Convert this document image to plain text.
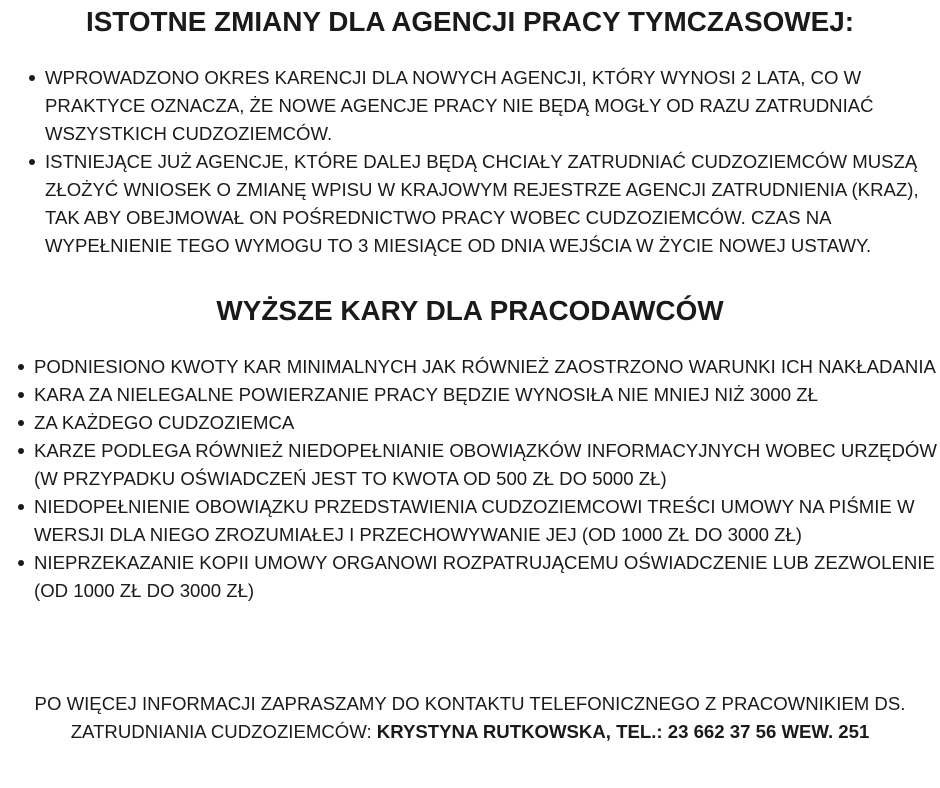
ISTOTNE ZMIANY DLA AGENCJI PRACY TYMCZASOWEJ:
WPROWADZONO OKRES KARENCJI DLA NOWYCH AGENCJI, KTÓRY WYNOSI 2 LATA, CO W PRAKTYCE OZNACZA, ŻE NOWE AGENCJE PRACY NIE BĘDĄ MOGŁY OD RAZU ZATRUDNIAĆ WSZYSTKICH CUDZOZIEMCÓW.
ISTNIEJĄCE JUŻ AGENCJE, KTÓRE DALEJ BĘDĄ CHCIAŁY ZATRUDNIAĆ CUDZOZIEMCÓW MUSZĄ ZŁOŻYĆ WNIOSEK O ZMIANĘ WPISU W KRAJOWYM REJESTRZE AGENCJI ZATRUDNIENIA (KRAZ), TAK ABY OBEJMOWAŁ ON POŚREDNICTWO PRACY WOBEC CUDZOZIEMCÓW. CZAS NA WYPEŁNIENIE TEGO WYMOGU TO 3 MIESIĄCE OD DNIA WEJŚCIA W ŻYCIE NOWEJ USTAWY.
WYŻSZE KARY DLA PRACODAWCÓW
PODNIESIONO KWOTY KAR MINIMALNYCH JAK RÓWNIEŻ ZAOSTRZONO WARUNKI ICH NAKŁADANIA
KARA ZA NIELEGALNE POWIERZANIE PRACY BĘDZIE WYNOSIŁA NIE MNIEJ NIŻ 3000 ZŁ
ZA KAŻDEGO CUDZOZIEMCA
KARZE PODLEGA RÓWNIEŻ NIEDOPEŁNIANIE OBOWIĄZKÓW INFORMACYJNYCH WOBEC URZĘDÓW (W PRZYPADKU OŚWIADCZEŃ JEST TO KWOTA OD 500 ZŁ DO 5000 ZŁ)
NIEDOPEŁNIENIE OBOWIĄZKU PRZEDSTAWIENIA CUDZOZIEMCOWI TREŚCI UMOWY NA PIŚMIE W WERSJI DLA NIEGO ZROZUMIAŁEJ I PRZECHOWYWANIE JEJ (OD 1000 ZŁ DO 3000 ZŁ)
NIEPRZEKAZANIE KOPII UMOWY ORGANOWI ROZPATRUJĄCEMU OŚWIADCZENIE LUB ZEZWOLENIE (OD 1000 ZŁ DO 3000 ZŁ)

PO WIĘCEJ INFORMACJI ZAPRASZAMY DO KONTAKTU TELEFONICZNEGO Z PRACOWNIKIEM DS. ZATRUDNIANIA CUDZOZIEMCÓW: KRYSTYNA RUTKOWSKA, TEL.: 23 662 37 56 WEW. 251
